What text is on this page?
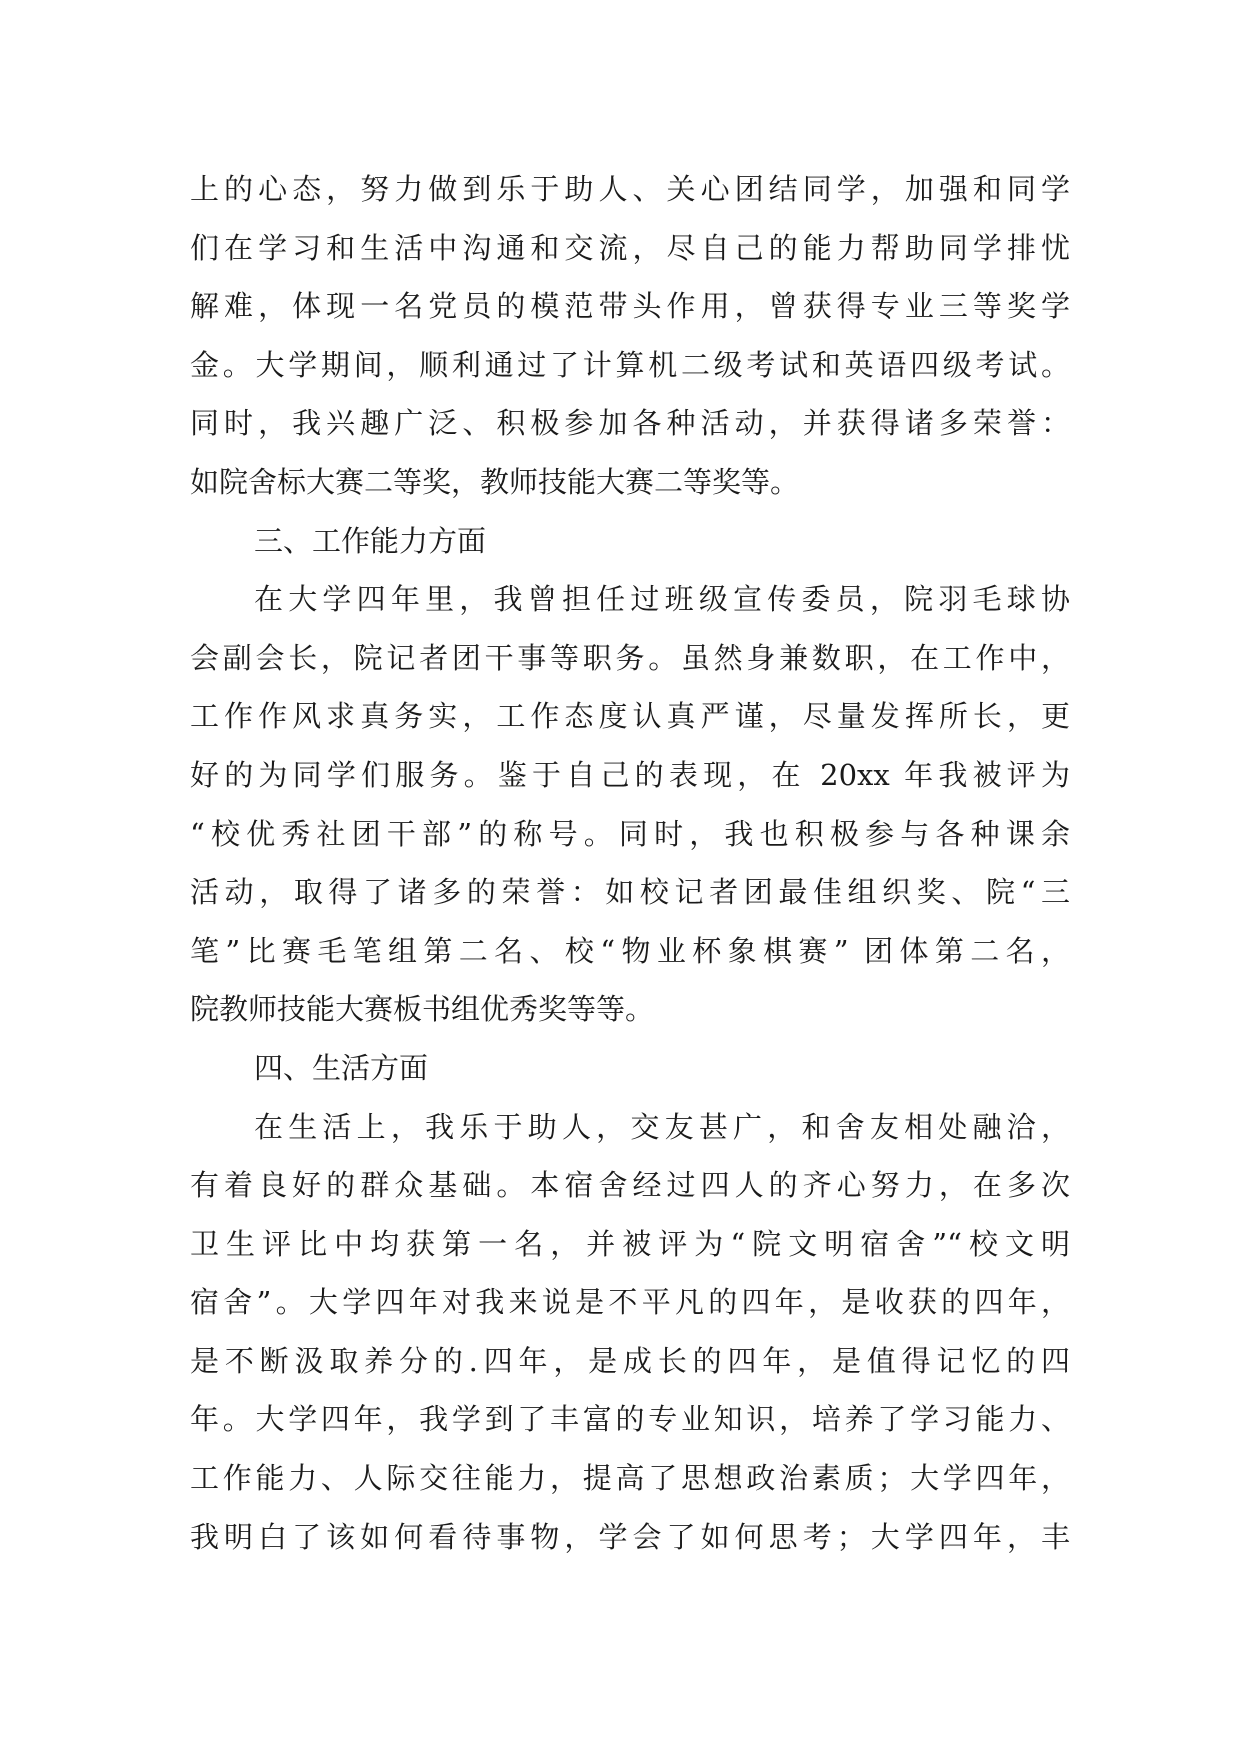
上的心态，努力做到乐于助人、关心团结同学，加强和同学
们在学习和生活中沟通和交流，尽自己的能力帮助同学排忧
解难，体现一名党员的模范带头作用，曾获得专业三等奖学
金。大学期间，顺利通过了计算机二级考试和英语四级考试。
同时，我兴趣广泛、积极参加各种活动，并获得诸多荣誉：
如院舍标大赛二等奖，教师技能大赛二等奖等。
三、工作能力方面
在大学四年里，我曾担任过班级宣传委员，院羽毛球协
会副会长，院记者团干事等职务。虽然身兼数职，在工作中，
工作作风求真务实，工作态度认真严谨，尽量发挥所长，更
好的为同学们服务。鉴于自己的表现，在 20xx 年我被评为
“校优秀社团干部”的称号。同时，我也积极参与各种课余
活动，取得了诸多的荣誉：如校记者团最佳组织奖、院“三
笔”比赛毛笔组第二名、校“物业杯象棋赛” 团体第二名，
院教师技能大赛板书组优秀奖等等。
四、生活方面
在生活上，我乐于助人，交友甚广，和舍友相处融洽，
有着良好的群众基础。本宿舍经过四人的齐心努力，在多次
卫生评比中均获第一名，并被评为“院文明宿舍”“校文明
宿舍”。大学四年对我来说是不平凡的四年，是收获的四年，
是不断汲取养分的.四年，是成长的四年，是值得记忆的四
年。大学四年，我学到了丰富的专业知识，培养了学习能力、
工作能力、人际交往能力，提高了思想政治素质；大学四年，
我明白了该如何看待事物，学会了如何思考；大学四年，丰
